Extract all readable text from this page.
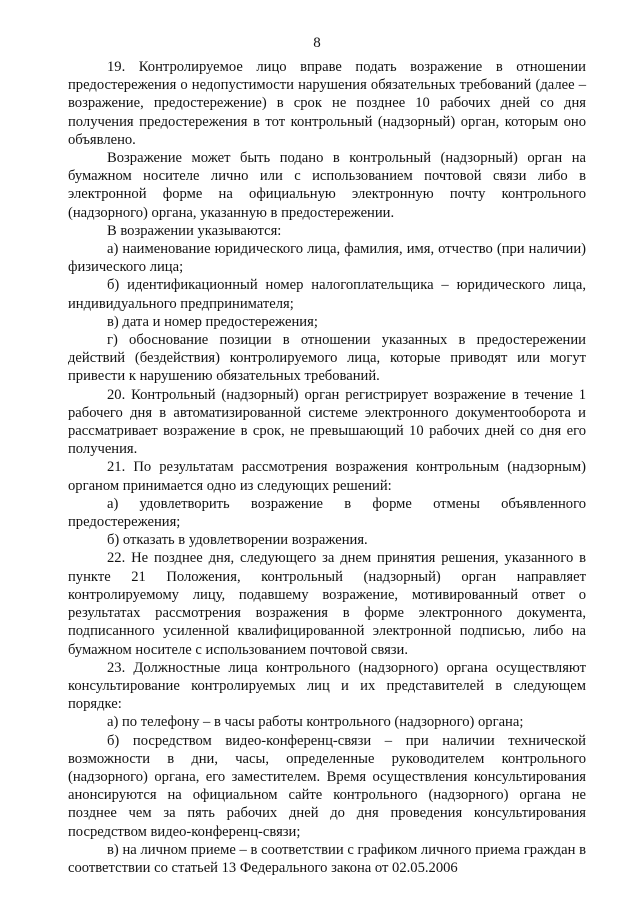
8

19. Контролируемое лицо вправе подать возражение в отношении предостережения о недопустимости нарушения обязательных требований (далее – возражение, предостережение) в срок не позднее 10 рабочих дней со дня получения предостережения в тот контрольный (надзорный) орган, которым оно объявлено.

Возражение может быть подано в контрольный (надзорный) орган на бумажном носителе лично или с использованием почтовой связи либо в электронной форме на официальную электронную почту контрольного (надзорного) органа, указанную в предостережении.

В возражении указываются:

а) наименование юридического лица, фамилия, имя, отчество (при наличии) физического лица;

б) идентификационный номер налогоплательщика – юридического лица, индивидуального предпринимателя;

в) дата и номер предостережения;

г) обоснование позиции в отношении указанных в предостережении действий (бездействия) контролируемого лица, которые приводят или могут привести к нарушению обязательных требований.

20. Контрольный (надзорный) орган регистрирует возражение в течение 1 рабочего дня в автоматизированной системе электронного документооборота и рассматривает возражение в срок, не превышающий 10 рабочих дней со дня его получения.

21. По результатам рассмотрения возражения контрольным (надзорным) органом принимается одно из следующих решений:

а) удовлетворить возражение в форме отмены объявленного предостережения;

б) отказать в удовлетворении возражения.

22. Не позднее дня, следующего за днем принятия решения, указанного в пункте 21 Положения, контрольный (надзорный) орган направляет контролируемому лицу, подавшему возражение, мотивированный ответ о результатах рассмотрения возражения в форме электронного документа, подписанного усиленной квалифицированной электронной подписью, либо на бумажном носителе с использованием почтовой связи.

23. Должностные лица контрольного (надзорного) органа осуществляют консультирование контролируемых лиц и их представителей в следующем порядке:

а) по телефону – в часы работы контрольного (надзорного) органа;

б) посредством видео-конференц-связи – при наличии технической возможности в дни, часы, определенные руководителем контрольного (надзорного) органа, его заместителем. Время осуществления консультирования анонсируются на официальном сайте контрольного (надзорного) органа не позднее чем за пять рабочих дней до дня проведения консультирования посредством видео-конференц-связи;

в) на личном приеме – в соответствии с графиком личного приема граждан в соответствии со статьей 13 Федерального закона от 02.05.2006
